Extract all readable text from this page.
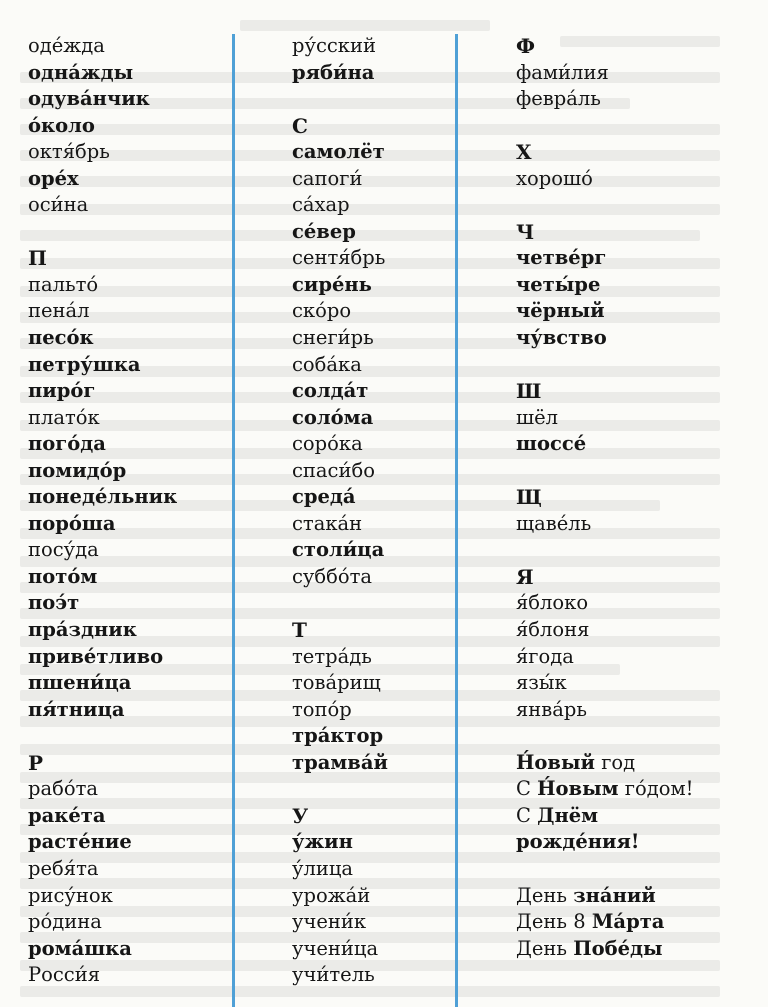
оде́жда
одна́жды
одува́нчик
о́коло
октя́брь
оре́х
оси́на
П
пальто́
пена́л
песо́к
петру́шка
пиро́г
плато́к
пого́да
помидо́р
понеде́льник
поро́ша
посу́да
пото́м
поэ́т
пра́здник
приве́тливо
пшени́ца
пя́тница
Р
рабо́та
раке́та
расте́ние
ребя́та
рису́нок
ро́дина
рома́шка
Росси́я
ру́сский
ряби́на
С
самолёт
сапоги́
са́хар
се́вер
сентя́брь
сире́нь
ско́ро
снеги́рь
соба́ка
солда́т
соло́ма
соро́ка
спаси́бо
среда́
стака́н
столи́ца
суббо́та
Т
тетра́дь
това́рищ
топо́р
тра́ктор
трамва́й
У
у́жин
у́лица
урожа́й
учени́к
учени́ца
учи́тель
Ф
фами́лия
февра́ль
Х
хорошо́
Ч
четве́рг
четы́ре
чёрный
чу́вство
Ш
шёл
шоссе́
Щ
щаве́ль
Я
я́блоко
я́блоня
я́года
язы́к
янва́рь
Н́овый год
С Н́овым го́дом!
С Днём
рожде́ния!
День зна́ний
День 8 Ма́рта
День Побе́ды
